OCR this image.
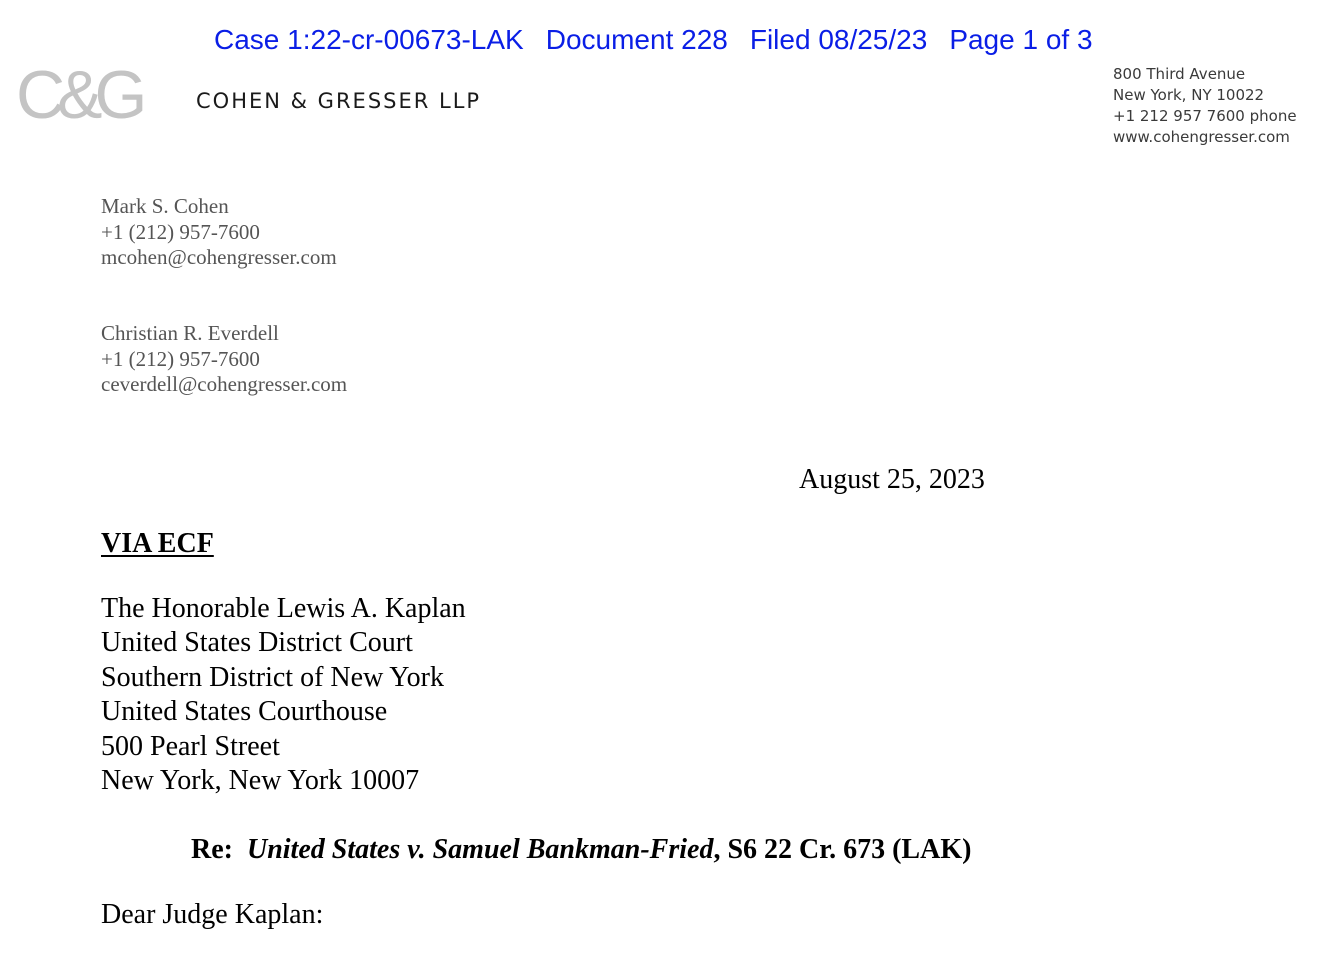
Case 1:22-cr-00673-LAK Document 228 Filed 08/25/23 Page 1 of 3
C&G	COHEN & GRESSER LLP
800 Third Avenue
New York, NY 10022
+1 212 957 7600 phone
www.cohengresser.com
Mark S. Cohen
+1 (212) 957-7600
mcohen@cohengresser.com
Christian R. Everdell
+1 (212) 957-7600
ceverdell@cohengresser.com
August 25, 2023
VIA ECF
The Honorable Lewis A. Kaplan
United States District Court
Southern District of New York
United States Courthouse
500 Pearl Street
New York, New York 10007
Re: United States v. Samuel Bankman-Fried, S6 22 Cr. 673 (LAK)
Dear Judge Kaplan:
